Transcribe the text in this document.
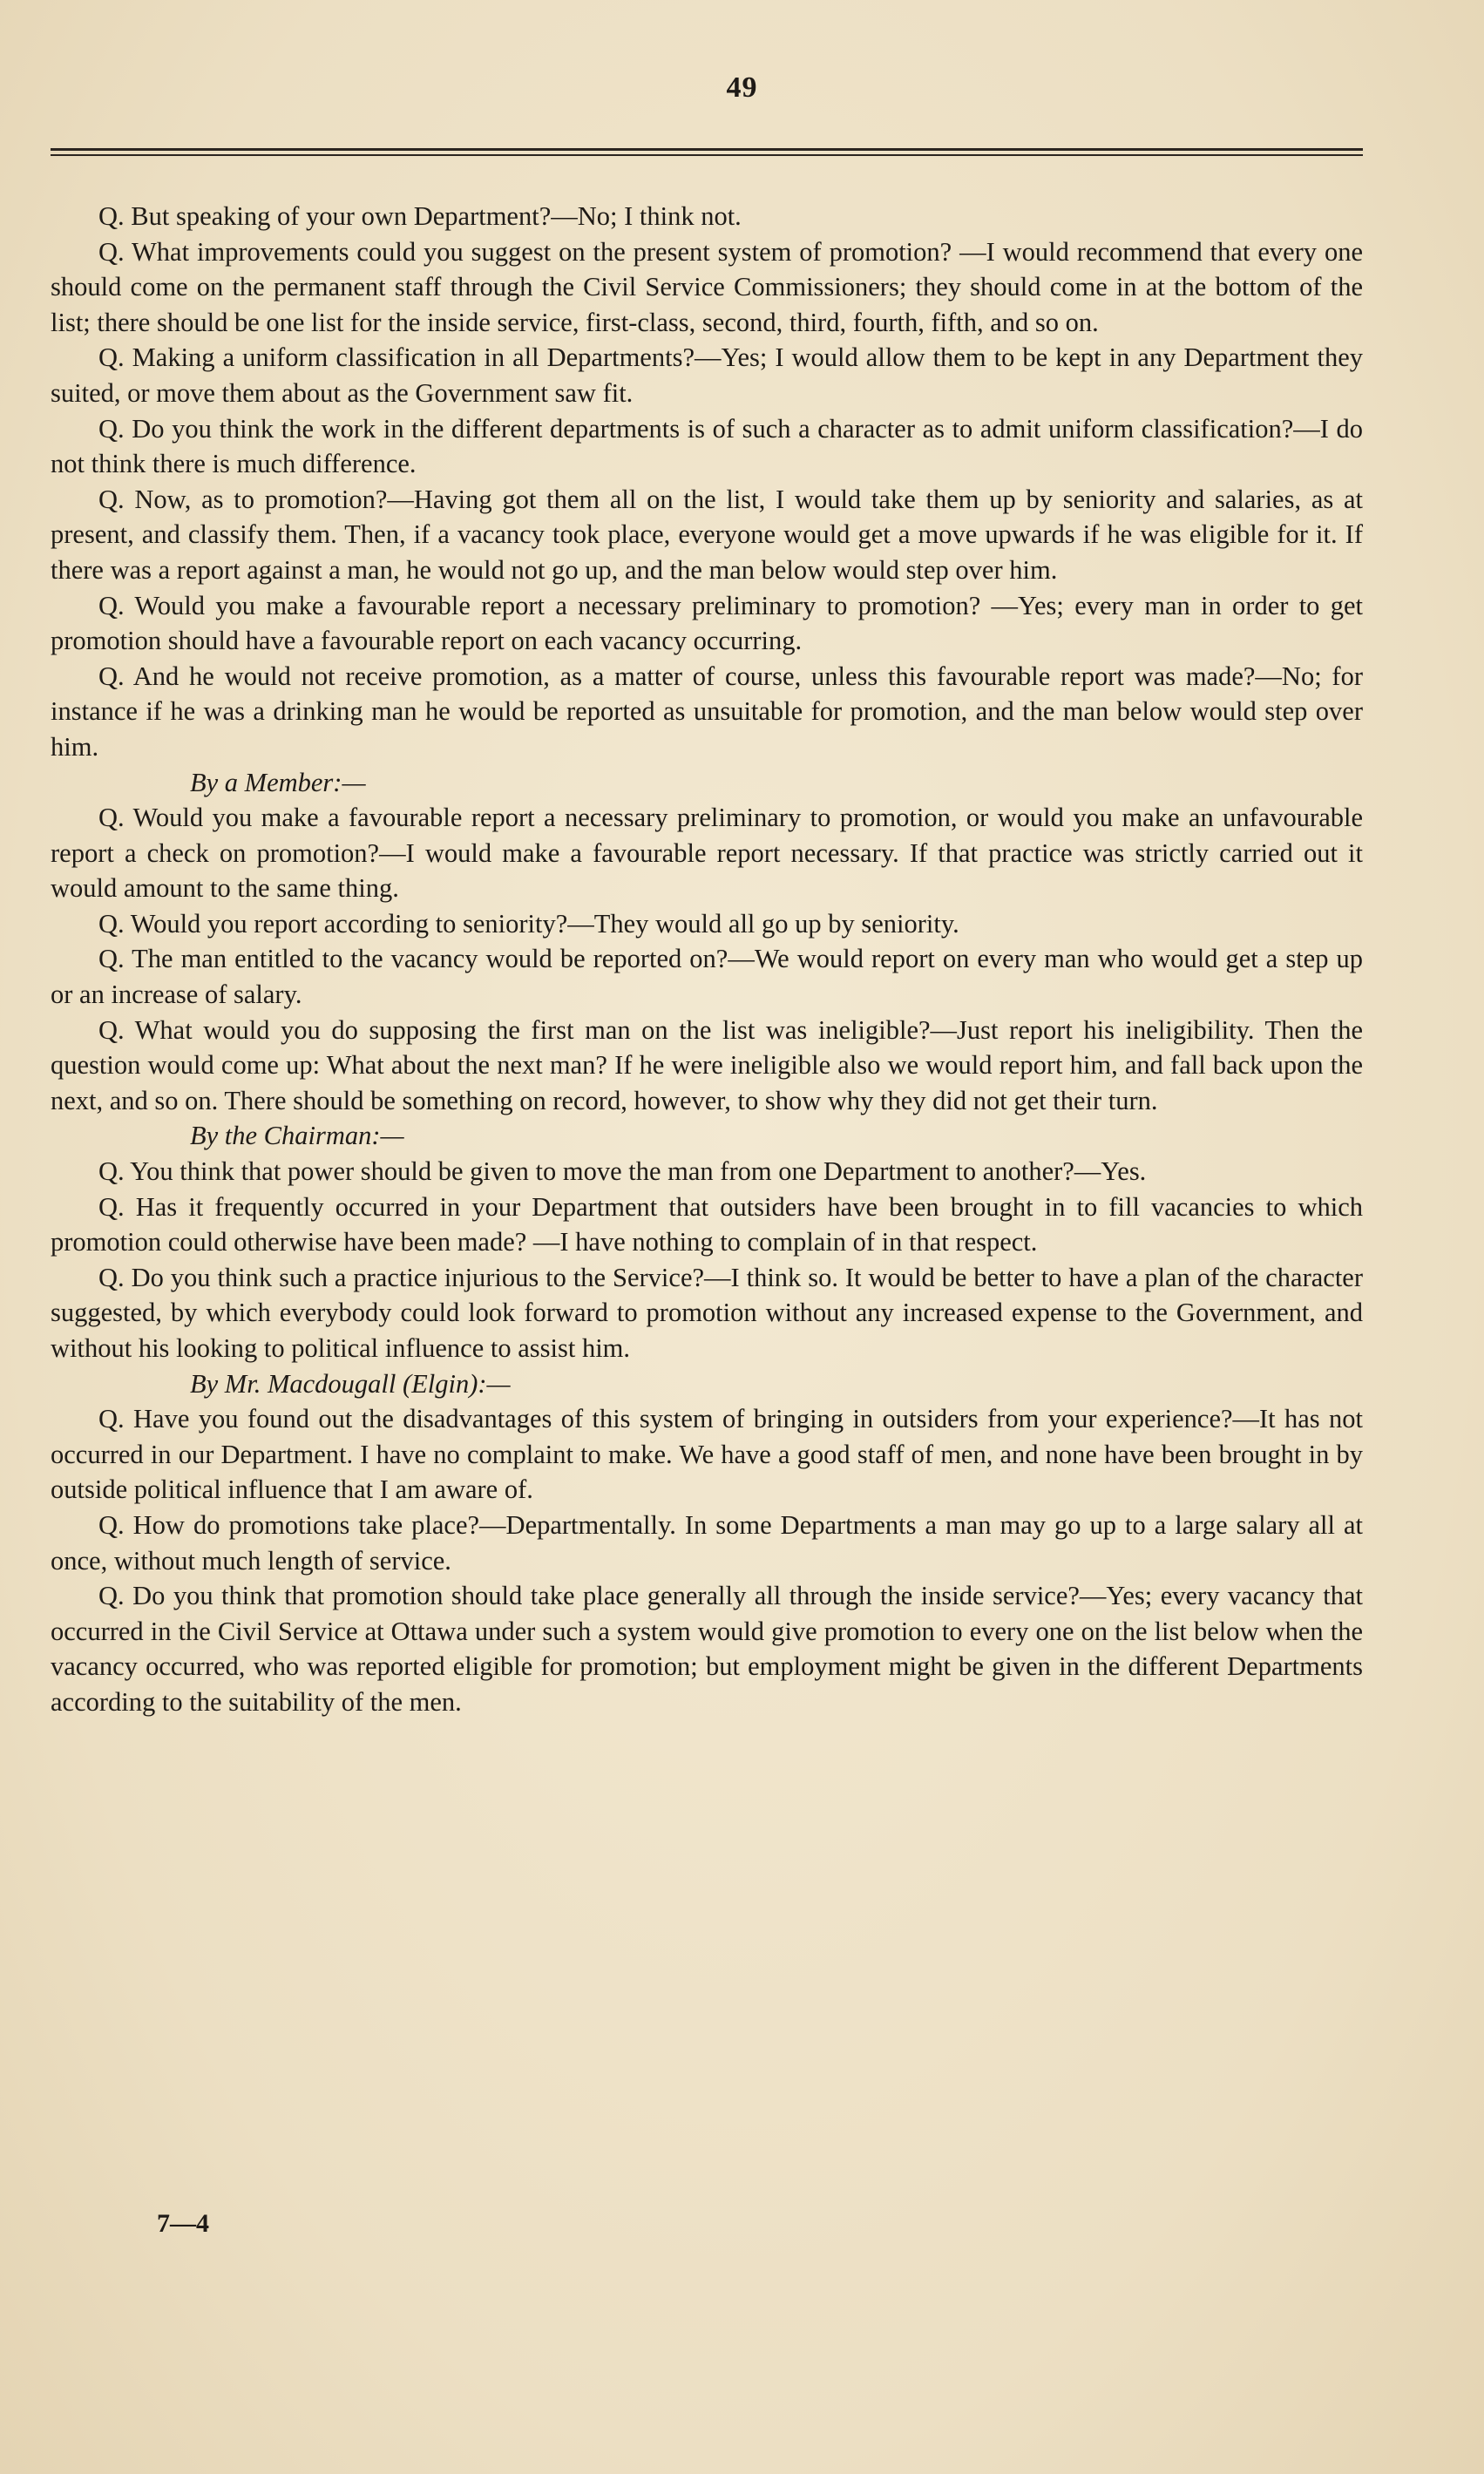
49

Q. But speaking of your own Department?—No; I think not.

Q. What improvements could you suggest on the present system of promotion? —I would recommend that every one should come on the permanent staff through the Civil Service Commissioners; they should come in at the bottom of the list; there should be one list for the inside service, first-class, second, third, fourth, fifth, and so on.

Q. Making a uniform classification in all Departments?—Yes; I would allow them to be kept in any Department they suited, or move them about as the Government saw fit.

Q. Do you think the work in the different departments is of such a character as to admit uniform classification?—I do not think there is much difference.

Q. Now, as to promotion?—Having got them all on the list, I would take them up by seniority and salaries, as at present, and classify them. Then, if a vacancy took place, everyone would get a move upwards if he was eligible for it. If there was a report against a man, he would not go up, and the man below would step over him.

Q. Would you make a favourable report a necessary preliminary to promotion? —Yes; every man in order to get promotion should have a favourable report on each vacancy occurring.

Q. And he would not receive promotion, as a matter of course, unless this favourable report was made?—No; for instance if he was a drinking man he would be reported as unsuitable for promotion, and the man below would step over him.

By a Member:—

Q. Would you make a favourable report a necessary preliminary to promotion, or would you make an unfavourable report a check on promotion?—I would make a favourable report necessary. If that practice was strictly carried out it would amount to the same thing.

Q. Would you report according to seniority?—They would all go up by seniority.

Q. The man entitled to the vacancy would be reported on?—We would report on every man who would get a step up or an increase of salary.

Q. What would you do supposing the first man on the list was ineligible?—Just report his ineligibility. Then the question would come up: What about the next man? If he were ineligible also we would report him, and fall back upon the next, and so on. There should be something on record, however, to show why they did not get their turn.

By the Chairman:—

Q. You think that power should be given to move the man from one Department to another?—Yes.

Q. Has it frequently occurred in your Department that outsiders have been brought in to fill vacancies to which promotion could otherwise have been made? —I have nothing to complain of in that respect.

Q. Do you think such a practice injurious to the Service?—I think so. It would be better to have a plan of the character suggested, by which everybody could look forward to promotion without any increased expense to the Government, and without his looking to political influence to assist him.

By Mr. Macdougall (Elgin):—

Q. Have you found out the disadvantages of this system of bringing in outsiders from your experience?—It has not occurred in our Department. I have no complaint to make. We have a good staff of men, and none have been brought in by outside political influence that I am aware of.

Q. How do promotions take place?—Departmentally. In some Departments a man may go up to a large salary all at once, without much length of service.

Q. Do you think that promotion should take place generally all through the inside service?—Yes; every vacancy that occurred in the Civil Service at Ottawa under such a system would give promotion to every one on the list below when the vacancy occurred, who was reported eligible for promotion; but employment might be given in the different Departments according to the suitability of the men.

7—4
